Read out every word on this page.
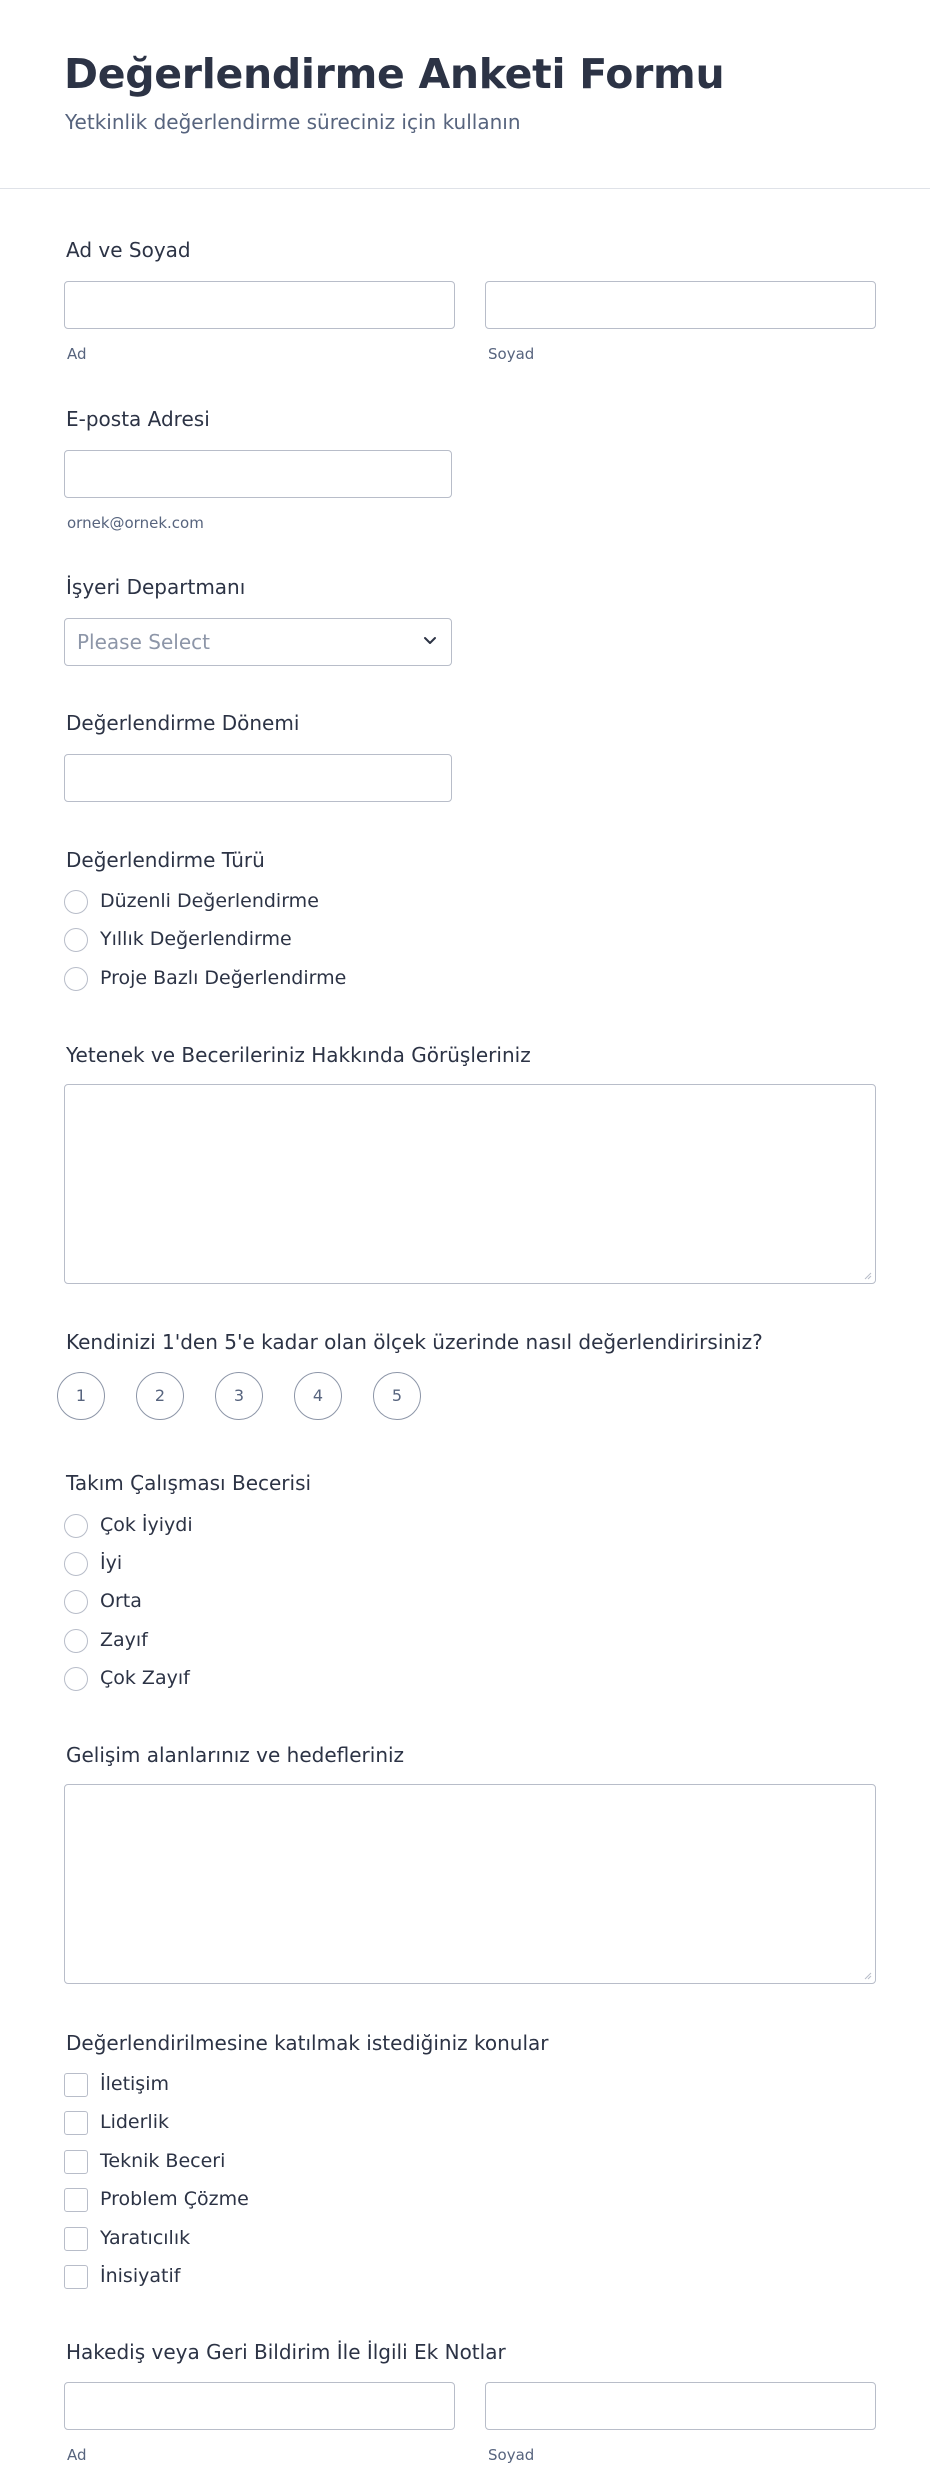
Değerlendirme Anketi Formu

Yetkinlik değerlendirme süreciniz için kullanın

Ad ve Soyad
Ad	Soyad
E-posta Adresi
ornek@ornek.com
İşyeri Departmanı
Please Select
Değerlendirme Dönemi
Değerlendirme Türü
Düzenli Değerlendirme
Yıllık Değerlendirme
Proje Bazlı Değerlendirme
Yetenek ve Becerileriniz Hakkında Görüşleriniz
Kendinizi 1'den 5'e kadar olan ölçek üzerinde nasıl değerlendirirsiniz?
1	2	3	4	5
Takım Çalışması Becerisi
Çok İyiydi
İyi
Orta
Zayıf
Çok Zayıf
Gelişim alanlarınız ve hedefleriniz
Değerlendirilmesine katılmak istediğiniz konular
İletişim
Liderlik
Teknik Beceri
Problem Çözme
Yaratıcılık
İnisiyatif
Hakediş veya Geri Bildirim İle İlgili Ek Notlar
Ad	Soyad
